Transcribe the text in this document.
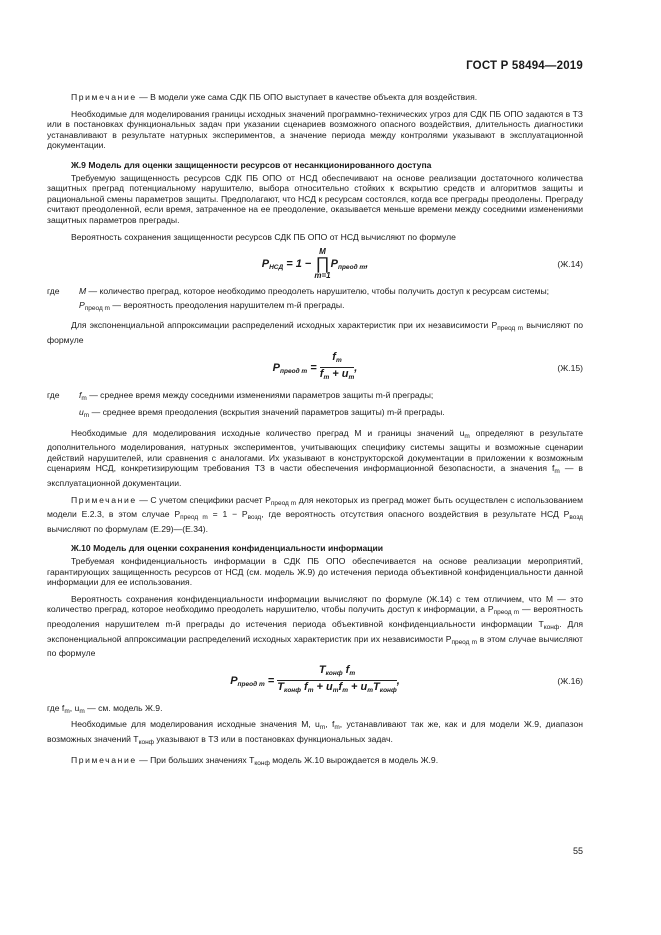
ГОСТ Р 58494—2019

Примечание — В модели уже сама СДК ПБ ОПО выступает в качестве объекта для воздействия.

Необходимые для моделирования границы исходных значений программно-технических угроз для СДК ПБ ОПО задаются в ТЗ или в постановках функциональных задач при указании сценариев возможного опасного воздействия, длительность диагностики устанавливают в результате натурных экспериментов, а значение периода между контролями указывают в эксплуатационной документации.

Ж.9 Модель для оценки защищенности ресурсов от несанкционированного доступа

Требуемую защищенность ресурсов СДК ПБ ОПО от НСД обеспечивают на основе реализации достаточного количества защитных преград потенциальному нарушителю, выбора относительно стойких к вскрытию средств и алгоритмов защиты и рациональной смены параметров защиты. Предполагают, что НСД к ресурсам состоялся, когда все преграды преодолены. Преграду считают преодоленной, если время, затраченное на ее преодоление, оказывается меньше времени между соседними изменениями защитных параметров преграды.

Вероятность сохранения защищенности ресурсов СДК ПБ ОПО от НСД вычисляют по формуле

$P_{НСД} = 1 - M$
∏
$m=1P_{преод m}$,	(Ж.14)
где	M — количество преград, которое необходимо преодолеть нарушителю, чтобы получить доступ к ресурсам системы;

$P_{преод m}$ — вероятность преодоления нарушителем m-й преграды.

Для экспоненциальной аппроксимации распределений исходных характеристик при их независимости $P_{преод m}$ вычисляют по формуле

$P_{преод m} = \frac{f_m}{f_m + u_m}$ ,	(Ж.15)
где	$f_m$ — среднее время между соседними изменениями параметров защиты m-й преграды;

$u_m$ — среднее время преодоления (вскрытия значений параметров защиты) m-й преграды.

Необходимые для моделирования исходные количество преград M и границы значений $u_m$ определяют в результате дополнительного моделирования, натурных экспериментов, учитывающих специфику системы защиты и возможные сценарии действий нарушителей, или сравнения с аналогами. Их указывают в конструкторской документации в приложении к возможным сценариям НСД, конкретизирующим требования ТЗ в части обеспечения информационной безопасности, а значения $f_m$ — в эксплуатационной документации.

Примечание — С учетом специфики расчет $P_{преод m}$ для некоторых из преград может быть осуществлен с использованием модели Е.2.3, в этом случае $P_{преод m} = 1 - P_{возд}$, где вероятность отсутствия опасного воздействия в результате НСД $P_{возд}$ вычисляют по формулам (Е.29)—(Е.34).

Ж.10 Модель для оценки сохранения конфиденциальности информации

Требуемая конфиденциальность информации в СДК ПБ ОПО обеспечивается на основе реализации мероприятий, гарантирующих защищенность ресурсов от НСД (см. модель Ж.9) до истечения периода объективной конфиденциальности данной информации для ее использования.

Вероятность сохранения конфиденциальности информации вычисляют по формуле (Ж.14) с тем отличием, что M — это количество преград, которое необходимо преодолеть нарушителю, чтобы получить доступ к информации, а $P_{преод m}$ — вероятность преодоления нарушителем m-й преграды до истечения периода объективной конфиденциальности информации $T_{конф}$. Для экспоненциальной аппроксимации распределений исходных характеристик при их независимости $P_{преод m}$ в этом случае вычисляют по формуле

$P_{преод m} = \frac{T_{конф} f_m}{T_{конф} f_m + u_mf_m + u_mT_{конф}}$ ,	(Ж.16)

где $f_m$, $u_m$ — см. модель Ж.9.

Необходимые для моделирования исходные значения M, $u_m$, $f_m$, устанавливают так же, как и для модели Ж.9, диапазон возможных значений $T_{конф}$ указывают в ТЗ или в постановках функциональных задач.

Примечание — При больших значениях $T_{конф}$ модель Ж.10 вырождается в модель Ж.9.

55
